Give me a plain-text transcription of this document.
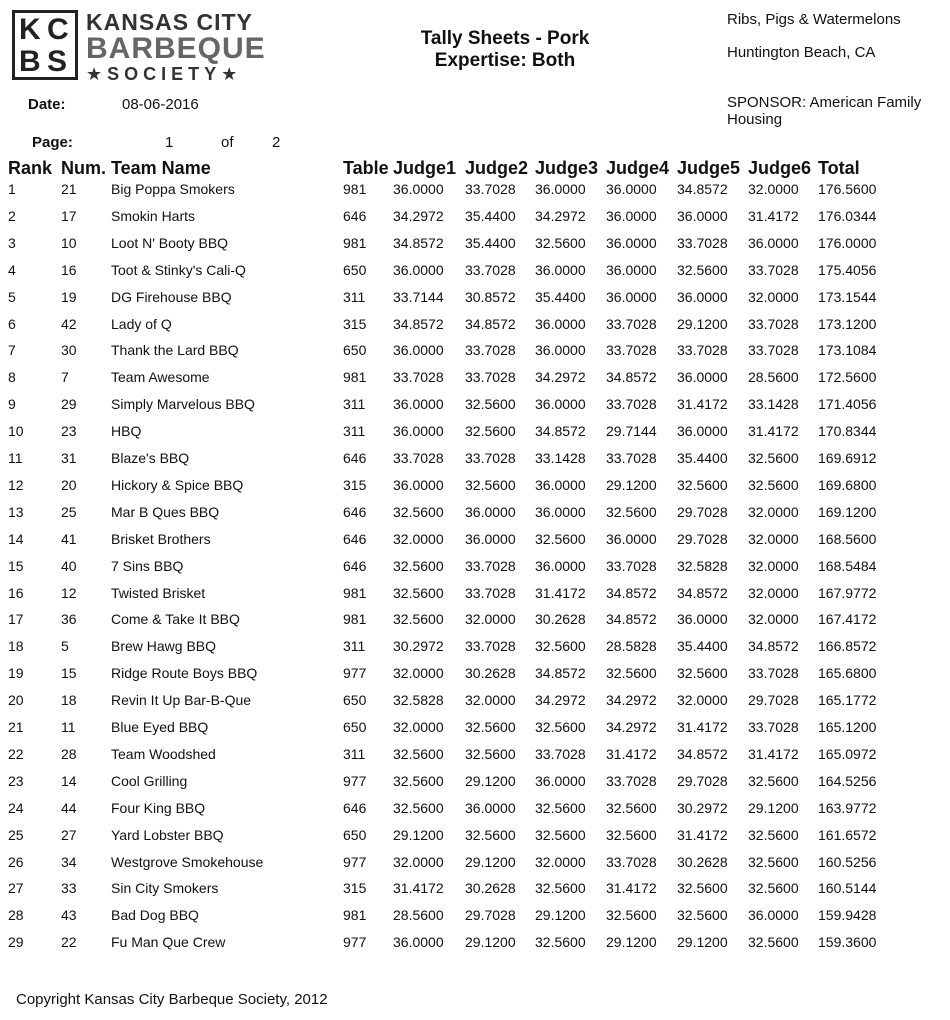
K C
B S
KANSAS CITY
BARBEQUE
★SOCIETY★
Tally Sheets - Pork
Expertise: Both
Ribs, Pigs & Watermelons
Huntington Beach, CA
SPONSOR: American Family Housing
Date:	08-06-2016
Page:	1	of	2
Rank Num. Team Name	Table Judge1 Judge2 Judge3 Judge4 Judge5 Judge6 Total
1	21 Big Poppa Smokers	981 36.0000 33.7028 36.0000 36.0000 34.8572 32.0000 176.5600
2	17 Smokin Harts	646 34.2972 35.4400 34.2972 36.0000 36.0000 31.4172 176.0344
3	10 Loot N' Booty BBQ	981 34.8572 35.4400 32.5600 36.0000 33.7028 36.0000 176.0000
4	16 Toot & Stinky's Cali-Q	650 36.0000 33.7028 36.0000 36.0000 32.5600 33.7028 175.4056
5	19 DG Firehouse BBQ	311 33.7144 30.8572 35.4400 36.0000 36.0000 32.0000 173.1544
6	42 Lady of Q	315 34.8572 34.8572 36.0000 33.7028 29.1200 33.7028 173.1200
7	30 Thank the Lard BBQ	650 36.0000 33.7028 36.0000 33.7028 33.7028 33.7028 173.1084
8	7	Team Awesome	981 33.7028 33.7028 34.2972 34.8572 36.0000 28.5600 172.5600
9	29 Simply Marvelous BBQ	311 36.0000 32.5600 36.0000 33.7028 31.4172 33.1428 171.4056
10	23 HBQ	311 36.0000 32.5600 34.8572 29.7144 36.0000 31.4172 170.8344
11	31 Blaze's BBQ	646 33.7028 33.7028 33.1428 33.7028 35.4400 32.5600 169.6912
12	20 Hickory & Spice BBQ	315 36.0000 32.5600 36.0000 29.1200 32.5600 32.5600 169.6800
13	25 Mar B Ques BBQ	646 32.5600 36.0000 36.0000 32.5600 29.7028 32.0000 169.1200
14	41 Brisket Brothers	646 32.0000 36.0000 32.5600 36.0000 29.7028 32.0000 168.5600
15	40 7 Sins BBQ	646 32.5600 33.7028 36.0000 33.7028 32.5828 32.0000 168.5484
16	12 Twisted Brisket	981 32.5600 33.7028 31.4172 34.8572 34.8572 32.0000 167.9772
17	36 Come & Take It BBQ	981 32.5600 32.0000 30.2628 34.8572 36.0000 32.0000 167.4172
18	5	Brew Hawg BBQ	311 30.2972 33.7028 32.5600 28.5828 35.4400 34.8572 166.8572
19	15 Ridge Route Boys BBQ	977 32.0000 30.2628 34.8572 32.5600 32.5600 33.7028 165.6800
20	18 Revin It Up Bar-B-Que	650 32.5828 32.0000 34.2972 34.2972 32.0000 29.7028 165.1772
21	11	Blue Eyed BBQ	650 32.0000 32.5600 32.5600 34.2972 31.4172 33.7028 165.1200
22	28 Team Woodshed	311 32.5600 32.5600 33.7028 31.4172 34.8572 31.4172 165.0972
23	14 Cool Grilling	977 32.5600 29.1200 36.0000 33.7028 29.7028 32.5600 164.5256
24	44 Four King BBQ	646 32.5600 36.0000 32.5600 32.5600 30.2972 29.1200 163.9772
25	27 Yard Lobster BBQ	650 29.1200 32.5600 32.5600 32.5600 31.4172 32.5600 161.6572
26	34 Westgrove Smokehouse	977 32.0000 29.1200 32.0000 33.7028 30.2628 32.5600 160.5256
27	33 Sin City Smokers	315 31.4172 30.2628 32.5600 31.4172 32.5600 32.5600 160.5144
28	43 Bad Dog BBQ	981 28.5600 29.7028 29.1200 32.5600 32.5600 36.0000 159.9428
29	22 Fu Man Que Crew	977 36.0000 29.1200 32.5600 29.1200 29.1200 32.5600 159.3600
Copyright Kansas City Barbeque Society, 2012
